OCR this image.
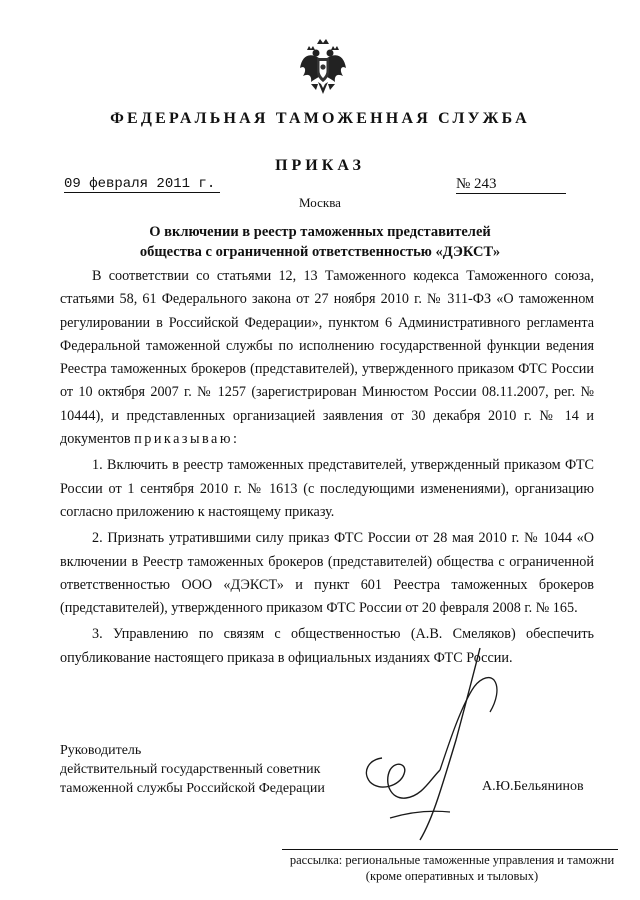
ФЕДЕРАЛЬНАЯ ТАМОЖЕННАЯ СЛУЖБА
ПРИКАЗ
09 февраля 2011 г.	№ 243
Москва
О включении в реестр таможенных представителей
общества с ограниченной ответственностью «ДЭКСТ»

В соответствии со статьями 12, 13 Таможенного кодекса Таможенного союза, статьями 58, 61 Федерального закона от 27 ноября 2010 г. № 311-ФЗ «О таможенном регулировании в Российской Федерации», пунктом 6 Административного регламента Федеральной таможенной службы по исполнению государственной функции ведения Реестра таможенных брокеров (представителей), утвержденного приказом ФТС России от 10 октября 2007 г. № 1257 (зарегистрирован Минюстом России 08.11.2007, рег. № 10444), и представленных организацией заявления от 30 декабря 2010 г. № 14 и документов приказываю:

1. Включить в реестр таможенных представителей, утвержденный приказом ФТС России от 1 сентября 2010 г. № 1613 (с последующими изменениями), организацию согласно приложению к настоящему приказу.

2. Признать утратившими силу приказ ФТС России от 28 мая 2010 г. № 1044 «О включении в Реестр таможенных брокеров (представителей) общества с ограниченной ответственностью ООО «ДЭКСТ» и пункт 601 Реестра таможенных брокеров (представителей), утвержденного приказом ФТС России от 20 февраля 2008 г. № 165.

3. Управлению по связям с общественностью (А.В. Смеляков) обеспечить опубликование настоящего приказа в официальных изданиях ФТС России.

Руководитель
действительный государственный советник
таможенной службы Российской Федерации	А.Ю.Бельянинов
рассылка: региональные таможенные управления и таможни
(кроме оперативных и тыловых)
